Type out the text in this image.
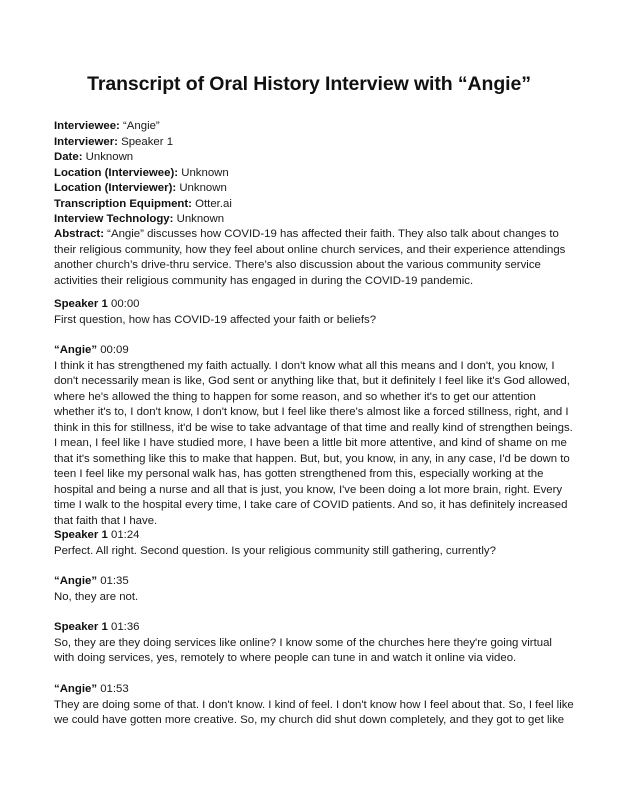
Transcript of Oral History Interview with “Angie”
Interviewee: “Angie”
Interviewer: Speaker 1
Date: Unknown
Location (Interviewee): Unknown
Location (Interviewer): Unknown
Transcription Equipment: Otter.ai
Interview Technology: Unknown

Abstract: “Angie” discusses how COVID-19 has affected their faith. They also talk about changes to their religious community, how they feel about online church services, and their experience attendings another church’s drive-thru service. There’s also discussion about the various community service activities their religious community has engaged in during the COVID-19 pandemic.

Speaker 1 00:00

First question, how has COVID-19 affected your faith or beliefs?

“Angie” 00:09

I think it has strengthened my faith actually. I don't know what all this means and I don't, you know, I don't necessarily mean is like, God sent or anything like that, but it definitely I feel like it's God allowed, where he's allowed the thing to happen for some reason, and so whether it's to get our attention whether it's to, I don't know, I don't know, but I feel like there's almost like a forced stillness, right, and I think in this for stillness, it'd be wise to take advantage of that time and really kind of strengthen beings. I mean, I feel like I have studied more, I have been a little bit more attentive, and kind of shame on me that it's something like this to make that happen. But, but, you know, in any, in any case, I'd be down to teen I feel like my personal walk has, has gotten strengthened from this, especially working at the hospital and being a nurse and all that is just, you know, I've been doing a lot more brain, right. Every time I walk to the hospital every time, I take care of COVID patients. And so, it has definitely increased that faith that I have.

Speaker 1 01:24

Perfect. All right. Second question. Is your religious community still gathering, currently?

“Angie” 01:35

No, they are not.

Speaker 1 01:36

So, they are they doing services like online? I know some of the churches here they're going virtual with doing services, yes, remotely to where people can tune in and watch it online via video.

“Angie” 01:53

They are doing some of that. I don't know. I kind of feel. I don't know how I feel about that. So, I feel like we could have gotten more creative. So, my church did shut down completely, and they got to get like
